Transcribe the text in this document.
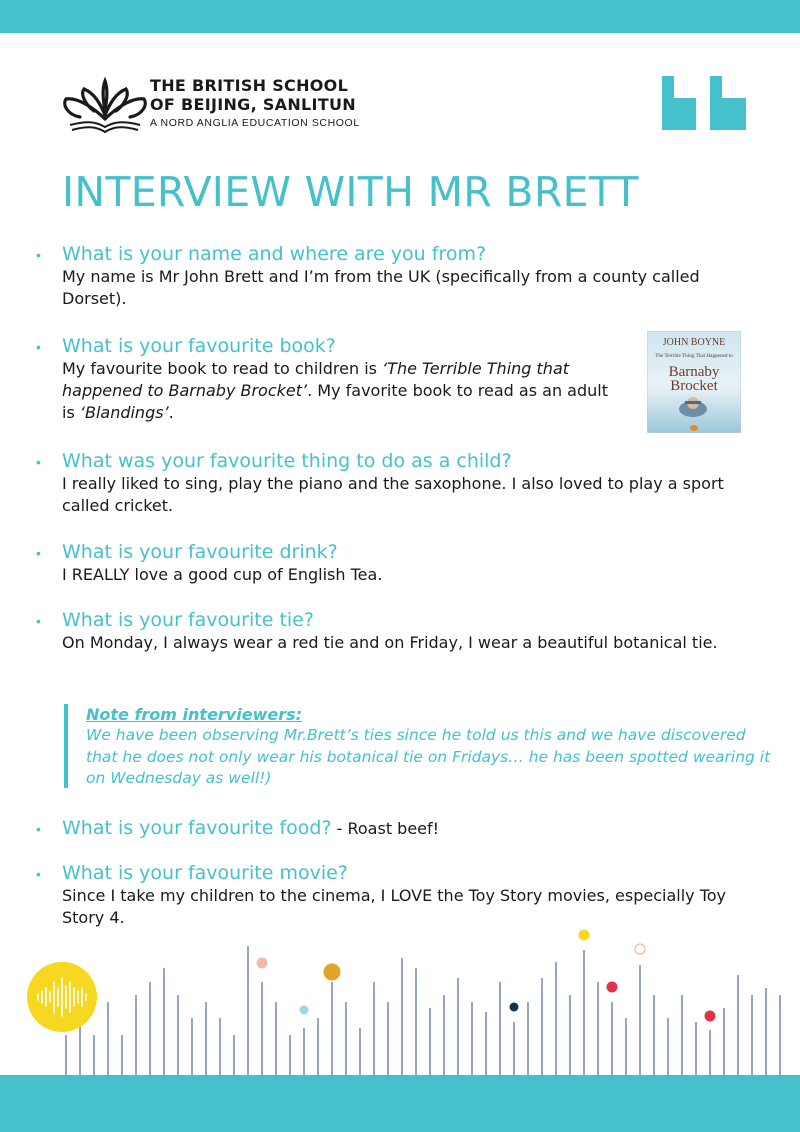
THE BRITISH SCHOOL
OF BEIJING, SANLITUN
A NORD ANGLIA EDUCATION SCHOOL
INTERVIEW WITH MR BRETT
• What is your name and where are you from?
My name is Mr John Brett and I’m from the UK (specifically from a county called Dorset).
• What is your favourite book?
My favourite book to read to children is ‘The Terrible Thing that happened to Barnaby Brocket’. My favorite book to read as an adult is ‘Blandings’.
JOHN BOYNE
The Terrible Thing That Happened to
Barnaby
Brocket
• What was your favourite thing to do as a child?
I really liked to sing, play the piano and the saxophone. I also loved to play a sport called cricket.
• What is your favourite drink?
I REALLY love a good cup of English Tea.
• What is your favourite tie?
On Monday, I always wear a red tie and on Friday, I wear a beautiful botanical tie.
Note from interviewers:
We have been observing Mr.Brett’s ties since he told us this and we have discovered that he does not only wear his botanical tie on Fridays… he has been spotted wearing it on Wednesday as well!)
• What is your favourite food? - Roast beef!
• What is your favourite movie?
Since I take my children to the cinema, I LOVE the Toy Story movies, especially Toy Story 4.
